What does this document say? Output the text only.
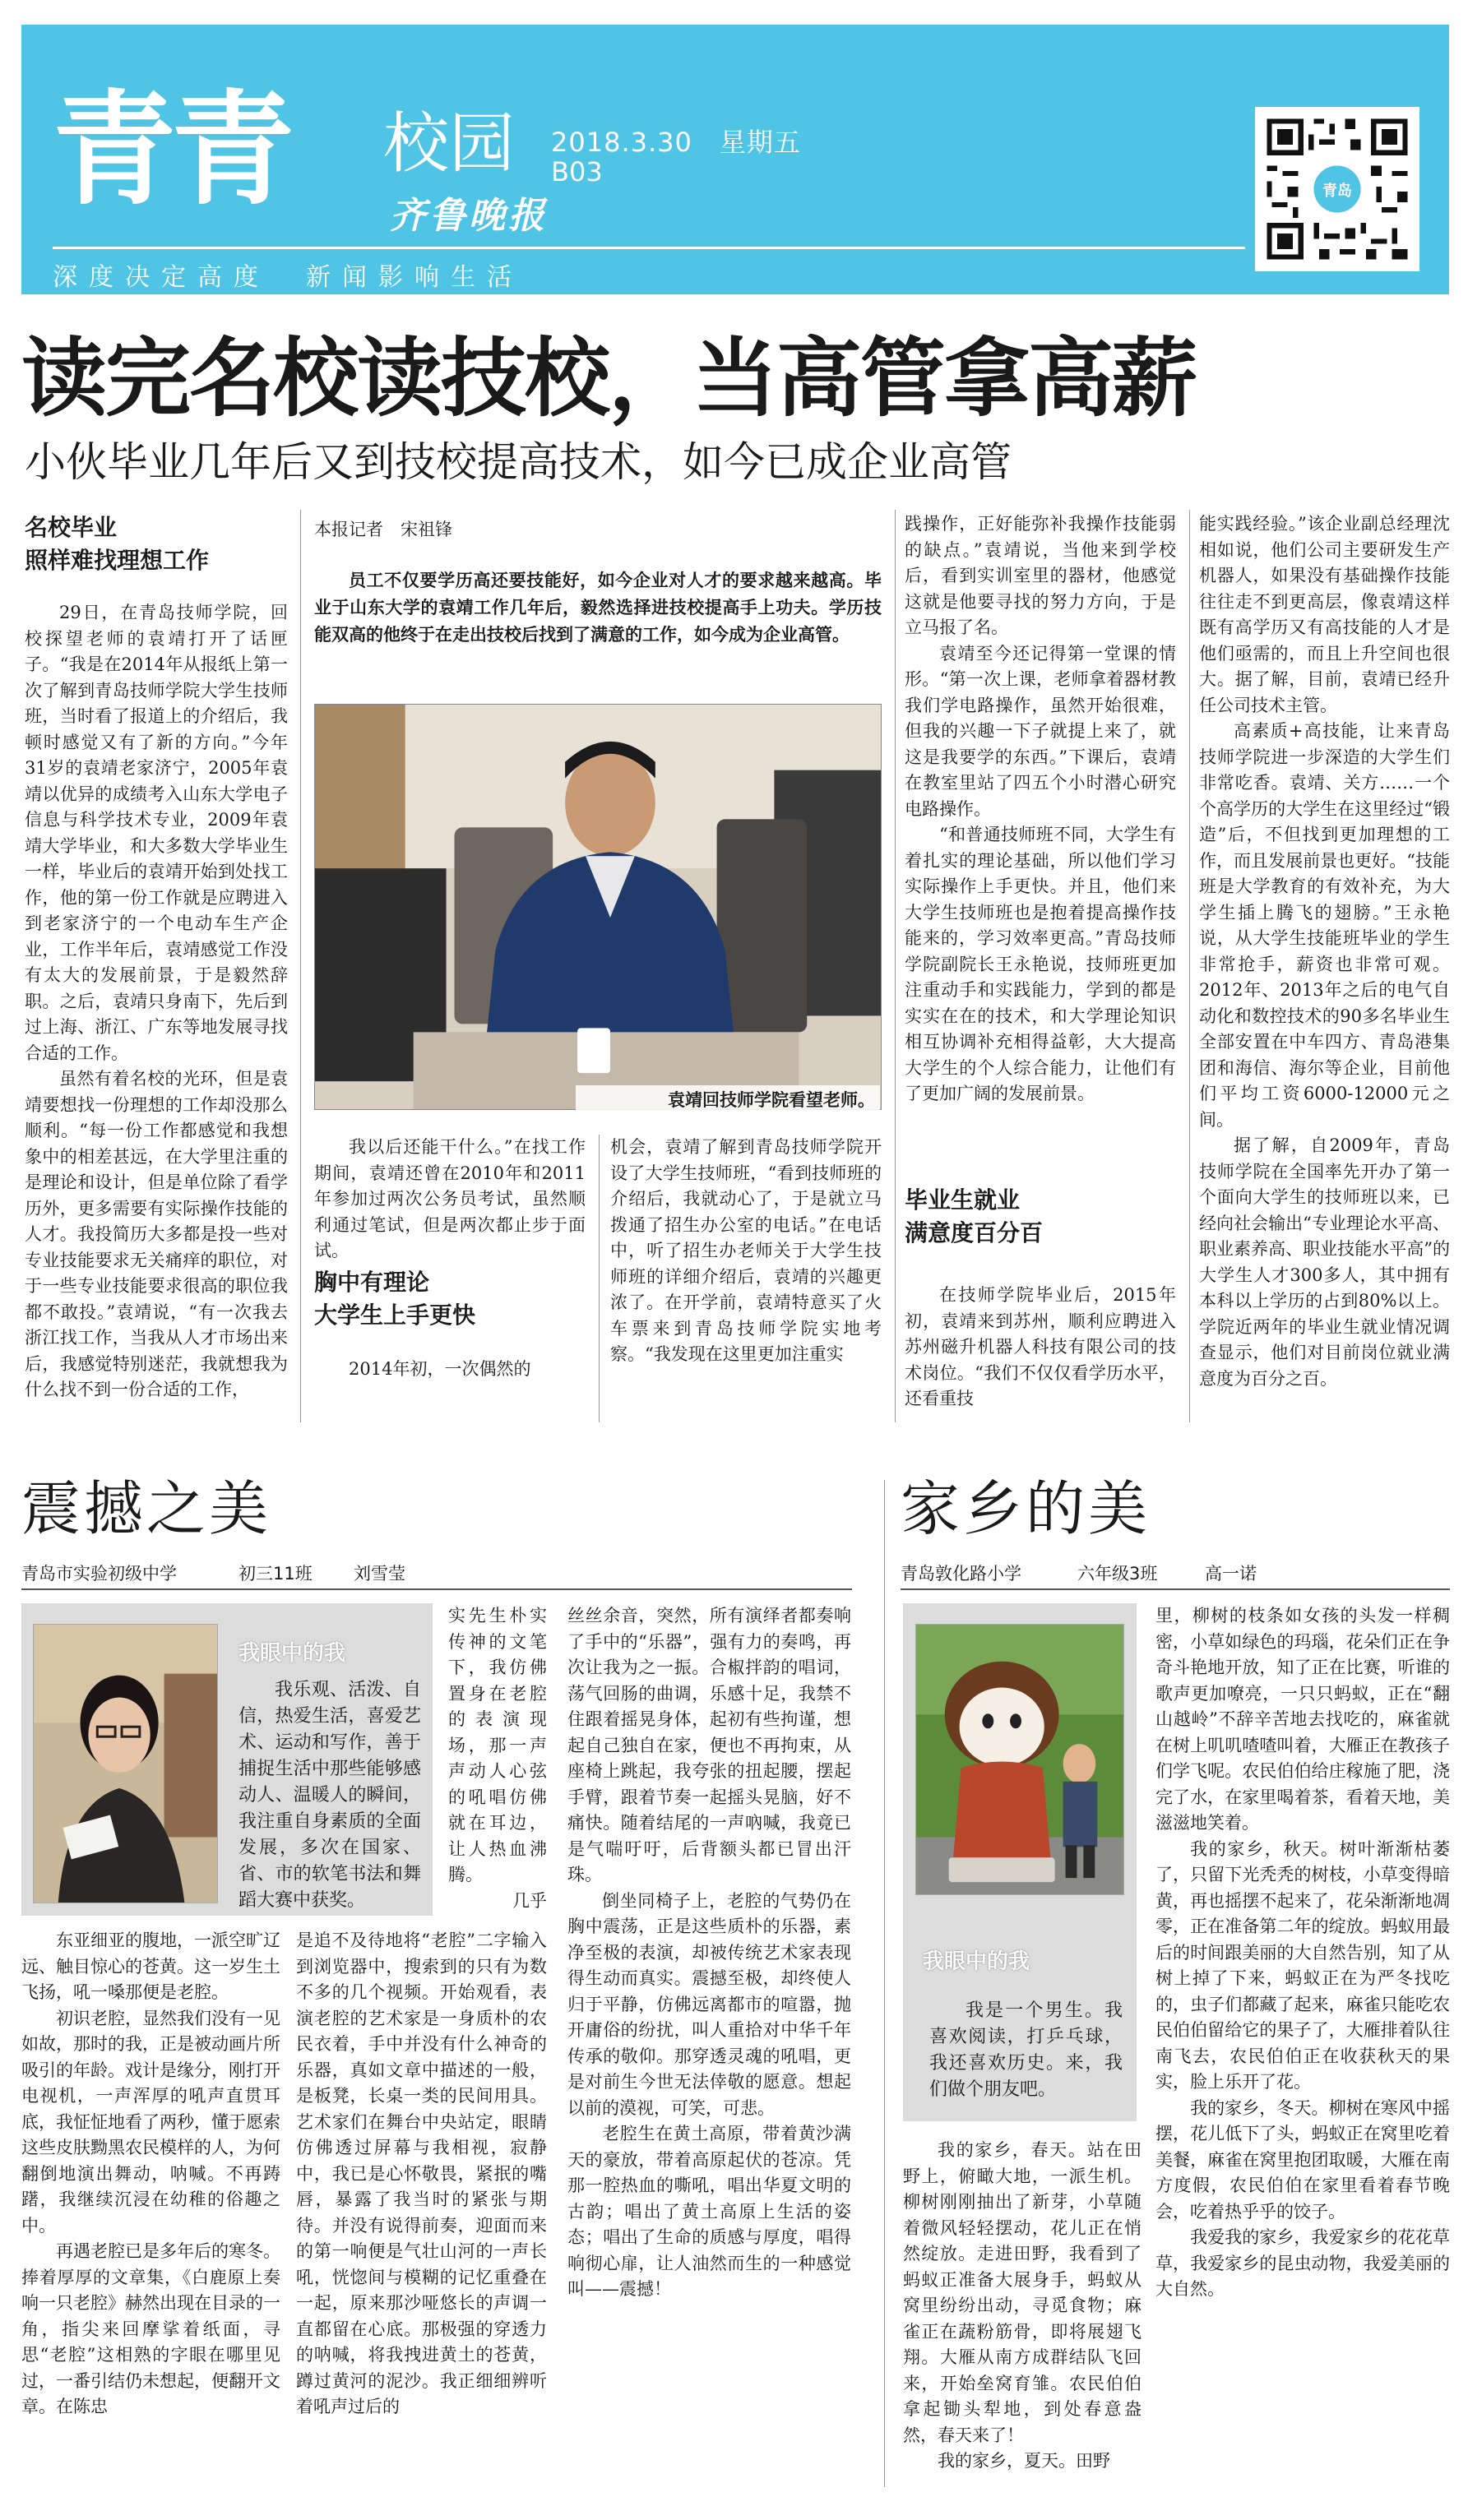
青青 校园
齐鲁晚报
2018.3.30　星期五
B03
深度决定高度　新闻影响生活
青岛
读完名校读技校，当高管拿高薪
小伙毕业几年后又到技校提高技术，如今已成企业高管
名校毕业
照样难找理想工作

29日，在青岛技师学院，回校探望老师的袁靖打开了话匣子。“我是在2014年从报纸上第一次了解到青岛技师学院大学生技师班，当时看了报道上的介绍后，我顿时感觉又有了新的方向。”今年31岁的袁靖老家济宁，2005年袁靖以优异的成绩考入山东大学电子信息与科学技术专业，2009年袁靖大学毕业，和大多数大学毕业生一样，毕业后的袁靖开始到处找工作，他的第一份工作就是应聘进入到老家济宁的一个电动车生产企业，工作半年后，袁靖感觉工作没有太大的发展前景，于是毅然辞职。之后，袁靖只身南下，先后到过上海、浙江、广东等地发展寻找合适的工作。

虽然有着名校的光环，但是袁靖要想找一份理想的工作却没那么顺利。“每一份工作都感觉和我想象中的相差甚远，在大学里注重的是理论和设计，但是单位除了看学历外，更多需要有实际操作技能的人才。我投简历大多都是投一些对专业技能要求无关痛痒的职位，对于一些专业技能要求很高的职位我都不敢投。”袁靖说，“有一次我去浙江找工作，当我从人才市场出来后，我感觉特别迷茫，我就想我为什么找不到一份合适的工作，

本报记者　宋祖锋
员工不仅要学历高还要技能好，如今企业对人才的要求越来越高。毕业于山东大学的袁靖工作几年后，毅然选择进技校提高手上功夫。学历技能双高的他终于在走出技校后找到了满意的工作，如今成为企业高管。
袁靖回技师学院看望老师。

我以后还能干什么。”在找工作期间，袁靖还曾在2010年和2011年参加过两次公务员考试，虽然顺利通过笔试，但是两次都止步于面试。

胸中有理论
大学生上手更快

2014年初，一次偶然的

机会，袁靖了解到青岛技师学院开设了大学生技师班，“看到技师班的介绍后，我就动心了，于是就立马拨通了招生办公室的电话。”在电话中，听了招生办老师关于大学生技师班的详细介绍后，袁靖的兴趣更浓了。在开学前，袁靖特意买了火车票来到青岛技师学院实地考察。“我发现在这里更加注重实

践操作，正好能弥补我操作技能弱的缺点。”袁靖说，当他来到学校后，看到实训室里的器材，他感觉这就是他要寻找的努力方向，于是立马报了名。

袁靖至今还记得第一堂课的情形。“第一次上课，老师拿着器材教我们学电路操作，虽然开始很难，但我的兴趣一下子就提上来了，就这是我要学的东西。”下课后，袁靖在教室里站了四五个小时潜心研究电路操作。

“和普通技师班不同，大学生有着扎实的理论基础，所以他们学习实际操作上手更快。并且，他们来大学生技师班也是抱着提高操作技能来的，学习效率更高。”青岛技师学院副院长王永艳说，技师班更加注重动手和实践能力，学到的都是实实在在的技术，和大学理论知识相互协调补充相得益彰，大大提高大学生的个人综合能力，让他们有了更加广阔的发展前景。

毕业生就业
满意度百分百

在技师学院毕业后，2015年初，袁靖来到苏州，顺利应聘进入苏州磁升机器人科技有限公司的技术岗位。“我们不仅仅看学历水平，还看重技

能实践经验。”该企业副总经理沈相如说，他们公司主要研发生产机器人，如果没有基础操作技能往往走不到更高层，像袁靖这样既有高学历又有高技能的人才是他们亟需的，而且上升空间也很大。据了解，目前，袁靖已经升任公司技术主管。

高素质+高技能，让来青岛技师学院进一步深造的大学生们非常吃香。袁靖、关方……一个个高学历的大学生在这里经过“锻造”后，不但找到更加理想的工作，而且发展前景也更好。“技能班是大学教育的有效补充，为大学生插上腾飞的翅膀。”王永艳说，从大学生技能班毕业的学生非常抢手，薪资也非常可观。2012年、2013年之后的电气自动化和数控技术的90多名毕业生全部安置在中车四方、青岛港集团和海信、海尔等企业，目前他们平均工资6000-12000元之间。

据了解，自2009年，青岛技师学院在全国率先开办了第一个面向大学生的技师班以来，已经向社会输出“专业理论水平高、职业素养高、职业技能水平高”的大学生人才300多人，其中拥有本科以上学历的占到80%以上。学院近两年的毕业生就业情况调查显示，他们对目前岗位就业满意度为百分之百。

震撼之美
青岛市实验初级中学	初三11班 刘雪莹
我眼中的我
我乐观、活泼、自信，热爱生活，喜爱艺术、运动和写作，善于捕捉生活中那些能够感动人、温暖人的瞬间，我注重自身素质的全面发展，多次在国家、省、市的软笔书法和舞蹈大赛中获奖。

实先生朴实传神的文笔下，我仿佛置身在老腔的表演现场，那一声声动人心弦的吼唱仿佛就在耳边，让人热血沸腾。

几乎

东亚细亚的腹地，一派空旷辽远、触目惊心的苍黄。这一岁生土飞扬，吼一嗓那便是老腔。

初识老腔，显然我们没有一见如故，那时的我，正是被动画片所吸引的年龄。戏计是缘分，刚打开电视机，一声浑厚的吼声直贯耳底，我怔怔地看了两秒，懂于愿索这些皮肤黝黑农民模样的人，为何翻倒地演出舞动，呐喊。不再踌躇，我继续沉浸在幼稚的俗趣之中。

再遇老腔已是多年后的寒冬。捧着厚厚的文章集，《白鹿原上奏响一只老腔》赫然出现在目录的一角，指尖来回摩挲着纸面，寻思“老腔”这相熟的字眼在哪里见过，一番引结仍未想起，便翻开文章。在陈忠

是追不及待地将“老腔”二字输入到浏览器中，搜索到的只有为数不多的几个视频。开始观看，表演老腔的艺术家是一身质朴的农民衣着，手中并没有什么神奇的乐器，真如文章中描述的一般，是板凳，长桌一类的民间用具。艺术家们在舞台中央站定，眼睛仿佛透过屏幕与我相视，寂静中，我已是心怀敬畏，紧抿的嘴唇，暴露了我当时的紧张与期待。并没有说得前奏，迎面而来的第一响便是气壮山河的一声长吼，恍惚间与模糊的记忆重叠在一起，原来那沙哑悠长的声调一直都留在心底。那极强的穿透力的呐喊，将我拽进黄土的苍黄，蹲过黄河的泥沙。我正细细辨听着吼声过后的

丝丝余音，突然，所有演绎者都奏响了手中的“乐器”，强有力的奏鸣，再次让我为之一振。合椒拌韵的唱词，荡气回肠的曲调，乐感十足，我禁不住跟着摇晃身体，起初有些拘谨，想起自己独自在家，便也不再拘束，从座椅上跳起，我夸张的扭起腰，摆起手臂，跟着节奏一起摇头晃脑，好不痛快。随着结尾的一声吶喊，我竟已是气喘吁吁，后背额头都已冒出汗珠。

倒坐同椅子上，老腔的气势仍在胸中震荡，正是这些质朴的乐器，素净至极的表演，却被传统艺术家表现得生动而真实。震撼至极，却终使人归于平静，仿佛远离都市的喧嚣，抛开庸俗的纷扰，叫人重拾对中华千年传承的敬仰。那穿透灵魂的吼唱，更是对前生今世无法倖敬的愿意。想起以前的漠视，可笑，可悲。

老腔生在黄土高原，带着黄沙满天的豪放，带着高原起伏的苍凉。凭那一腔热血的嘶吼，唱出华夏文明的古韵；唱出了黄土高原上生活的姿态；唱出了生命的质感与厚度，唱得响彻心扉，让人油然而生的一种感觉叫——震撼！

家乡的美
青岛敦化路小学	六年级3班	高一诺
我眼中的我
我是一个男生。我喜欢阅读，打乒乓球，我还喜欢历史。来，我们做个朋友吧。

我的家乡，春天。站在田野上，俯瞰大地，一派生机。柳树刚刚抽出了新芽，小草随着微风轻轻摆动，花儿正在悄然绽放。走进田野，我看到了蚂蚁正准备大展身手，蚂蚁从窝里纷纷出动，寻觅食物；麻雀正在蔬粉筋骨，即将展翅飞翔。大雁从南方成群结队飞回来，开始垒窝育雏。农民伯伯拿起锄头犁地，到处春意盎然，春天来了！

我的家乡，夏天。田野

里，柳树的枝条如女孩的头发一样稠密，小草如绿色的玛瑙，花朵们正在争奇斗艳地开放，知了正在比赛，听谁的歌声更加嘹亮，一只只蚂蚁，正在“翻山越岭”不辞辛苦地去找吃的，麻雀就在树上叽叽喳喳叫着，大雁正在教孩子们学飞呢。农民伯伯给庄稼施了肥，浇完了水，在家里喝着茶，看着天地，美滋滋地笑着。

我的家乡，秋天。树叶渐渐枯萎了，只留下光秃秃的树枝，小草变得暗黄，再也摇摆不起来了，花朵渐渐地凋零，正在准备第二年的绽放。蚂蚁用最后的时间跟美丽的大自然告别，知了从树上掉了下来，蚂蚁正在为严冬找吃的，虫子们都藏了起来，麻雀只能吃农民伯伯留给它的果子了，大雁排着队往南飞去，农民伯伯正在收获秋天的果实，脸上乐开了花。

我的家乡，冬天。柳树在寒风中摇摆，花儿低下了头，蚂蚁正在窝里吃着美餐，麻雀在窝里抱团取暖，大雁在南方度假，农民伯伯在家里看着春节晚会，吃着热乎乎的饺子。

我爱我的家乡，我爱家乡的花花草草，我爱家乡的昆虫动物，我爱美丽的大自然。
